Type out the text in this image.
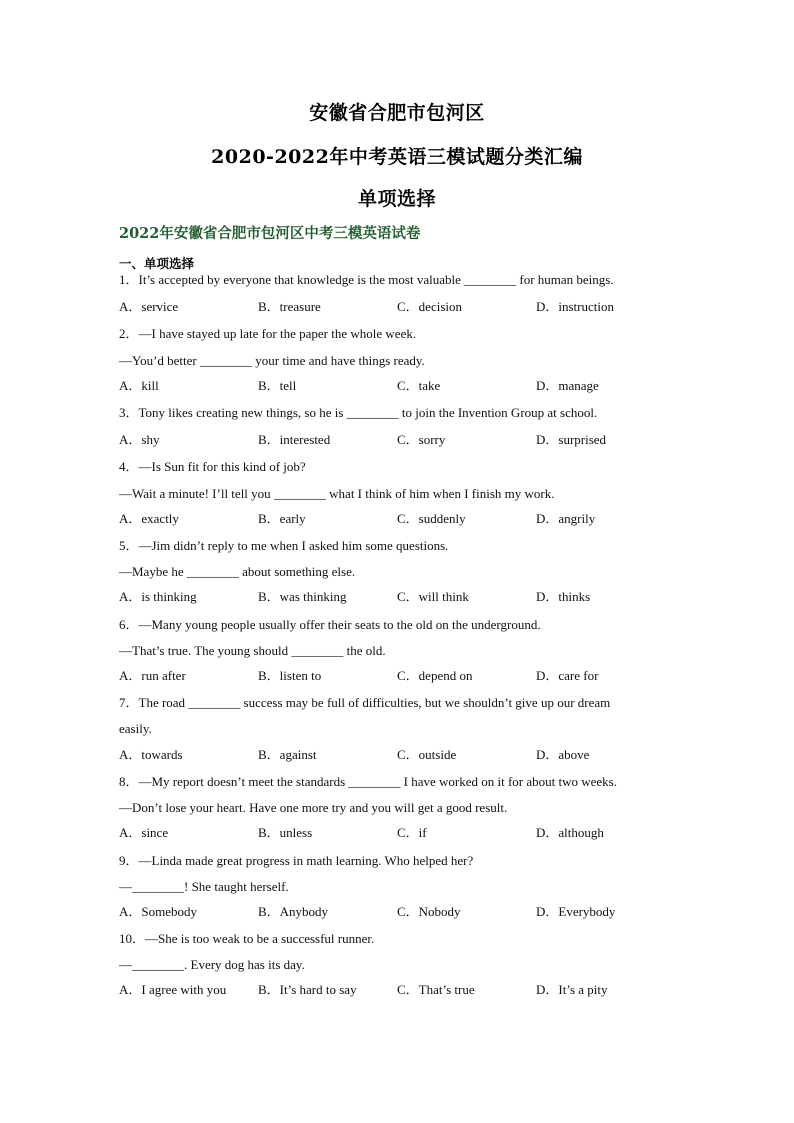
安徽省合肥市包河区
2020-2022年中考英语三模试题分类汇编
单项选择
2022年安徽省合肥市包河区中考三模英语试卷
一、单项选择
1．It’s accepted by everyone that knowledge is the most valuable ________ for human beings.
A．service	B．treasure	C．decision	D．instruction
2．—I have stayed up late for the paper the whole week.
—You’d better ________ your time and have things ready.
A．kill	B．tell	C．take	D．manage
3．Tony likes creating new things, so he is ________ to join the Invention Group at school.
A．shy	B．interested	C．sorry	D．surprised
4．—Is Sun fit for this kind of job?
—Wait a minute! I’ll tell you ________ what I think of him when I finish my work.
A．exactly	B．early	C．suddenly	D．angrily
5．—Jim didn’t reply to me when I asked him some questions.
—Maybe he ________ about something else.
A．is thinking	B．was thinking	C．will think	D．thinks
6．—Many young people usually offer their seats to the old on the underground.
—That’s true. The young should ________ the old.
A．run after	B．listen to	C．depend on	D．care for
7．The road ________ success may be full of difficulties, but we shouldn’t give up our dream
easily.
A．towards	B．against	C．outside	D．above
8．—My report doesn’t meet the standards ________ I have worked on it for about two weeks.
—Don’t lose your heart. Have one more try and you will get a good result.
A．since	B．unless	C．if	D．although
9．—Linda made great progress in math learning. Who helped her?
—________! She taught herself.
A．Somebody	B．Anybody	C．Nobody	D．Everybody
10．—She is too weak to be a successful runner.
—________. Every dog has its day.
A．I agree with you B．It’s hard to say	C．That’s true	D．It’s a pity
